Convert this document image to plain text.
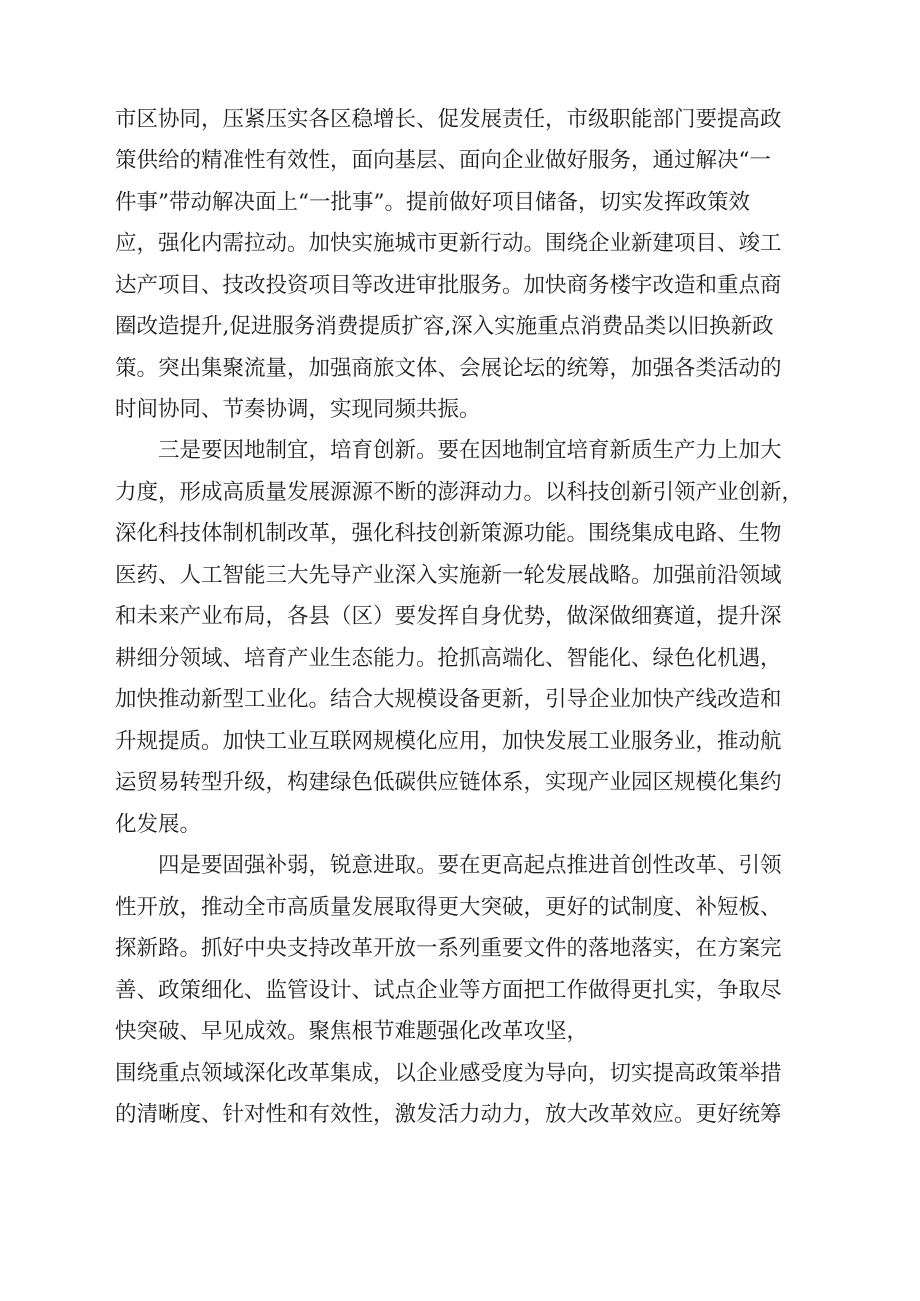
市区协同，压紧压实各区稳增长、促发展责任，市级职能部门要提高政
策供给的精准性有效性，面向基层、面向企业做好服务，通过解决“一
件事”带动解决面上“一批事”。提前做好项目储备，切实发挥政策效
应，强化内需拉动。加快实施城市更新行动。围绕企业新建项目、竣工
达产项目、技改投资项目等改进审批服务。加快商务楼宇改造和重点商
圈改造提升,促进服务消费提质扩容,深入实施重点消费品类以旧换新政
策。突出集聚流量，加强商旅文体、会展论坛的统筹，加强各类活动的
时间协同、节奏协调，实现同频共振。
三是要因地制宜，培育创新。要在因地制宜培育新质生产力上加大
力度，形成高质量发展源源不断的澎湃动力。以科技创新引领产业创新，
深化科技体制机制改革，强化科技创新策源功能。围绕集成电路、生物
医药、人工智能三大先导产业深入实施新一轮发展战略。加强前沿领域
和未来产业布局，各县（区）要发挥自身优势，做深做细赛道，提升深
耕细分领域、培育产业生态能力。抢抓高端化、智能化、绿色化机遇，
加快推动新型工业化。结合大规模设备更新，引导企业加快产线改造和
升规提质。加快工业互联网规模化应用，加快发展工业服务业，推动航
运贸易转型升级，构建绿色低碳供应链体系，实现产业园区规模化集约
化发展。
四是要固强补弱，锐意进取。要在更高起点推进首创性改革、引领
性开放，推动全市高质量发展取得更大突破，更好的试制度、补短板、
探新路。抓好中央支持改革开放一系列重要文件的落地落实，在方案完
善、政策细化、监管设计、试点企业等方面把工作做得更扎实，争取尽
快突破、早见成效。聚焦根节难题强化改革攻坚，
围绕重点领域深化改革集成，以企业感受度为导向，切实提高政策举措
的清晰度、针对性和有效性，激发活力动力，放大改革效应。更好统筹
